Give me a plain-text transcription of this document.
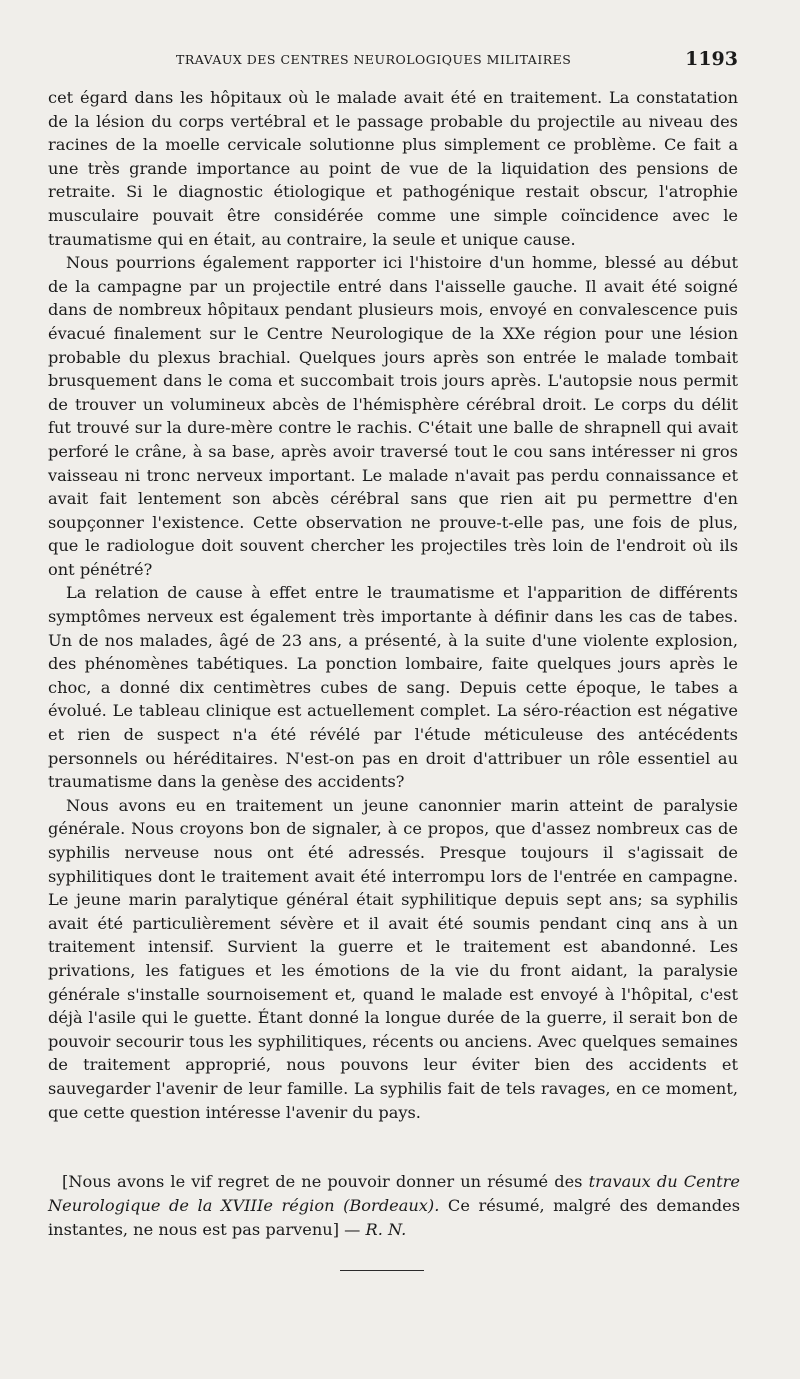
TRAVAUX DES CENTRES NEUROLOGIQUES MILITAIRES	1193

cet égard dans les hôpitaux où le malade avait été en traitement. La constatation de la lésion du corps vertébral et le passage probable du projectile au niveau des racines de la moelle cervicale solutionne plus simplement ce problème. Ce fait a une très grande importance au point de vue de la liquidation des pensions de retraite. Si le diagnostic étiologique et pathogénique restait obscur, l'atrophie musculaire pouvait être considérée comme une simple coïncidence avec le traumatisme qui en était, au contraire, la seule et unique cause.

Nous pourrions également rapporter ici l'histoire d'un homme, blessé au début de la campagne par un projectile entré dans l'aisselle gauche. Il avait été soigné dans de nombreux hôpitaux pendant plusieurs mois, envoyé en convalescence puis évacué finalement sur le Centre Neurologique de la XXe région pour une lésion probable du plexus brachial. Quelques jours après son entrée le malade tombait brusquement dans le coma et succombait trois jours après. L'autopsie nous permit de trouver un volumineux abcès de l'hémisphère cérébral droit. Le corps du délit fut trouvé sur la dure-mère contre le rachis. C'était une balle de shrapnell qui avait perforé le crâne, à sa base, après avoir traversé tout le cou sans intéresser ni gros vaisseau ni tronc nerveux important. Le malade n'avait pas perdu connaissance et avait fait lentement son abcès cérébral sans que rien ait pu permettre d'en soupçonner l'existence. Cette observation ne prouve-t-elle pas, une fois de plus, que le radiologue doit souvent chercher les projectiles très loin de l'endroit où ils ont pénétré?

La relation de cause à effet entre le traumatisme et l'apparition de différents symptômes nerveux est également très importante à définir dans les cas de tabes. Un de nos malades, âgé de 23 ans, a présenté, à la suite d'une violente explosion, des phénomènes tabétiques. La ponction lombaire, faite quelques jours après le choc, a donné dix centimètres cubes de sang. Depuis cette époque, le tabes a évolué. Le tableau clinique est actuellement complet. La séro-réaction est négative et rien de suspect n'a été révélé par l'étude méticuleuse des antécédents personnels ou héréditaires. N'est-on pas en droit d'attribuer un rôle essentiel au traumatisme dans la genèse des accidents?

Nous avons eu en traitement un jeune canonnier marin atteint de paralysie générale. Nous croyons bon de signaler, à ce propos, que d'assez nombreux cas de syphilis nerveuse nous ont été adressés. Presque toujours il s'agissait de syphilitiques dont le traitement avait été interrompu lors de l'entrée en campagne. Le jeune marin paralytique général était syphilitique depuis sept ans; sa syphilis avait été particulièrement sévère et il avait été soumis pendant cinq ans à un traitement intensif. Survient la guerre et le traitement est abandonné. Les privations, les fatigues et les émotions de la vie du front aidant, la paralysie générale s'installe sournoisement et, quand le malade est envoyé à l'hôpital, c'est déjà l'asile qui le guette. Étant donné la longue durée de la guerre, il serait bon de pouvoir secourir tous les syphilitiques, récents ou anciens. Avec quelques semaines de traitement approprié, nous pouvons leur éviter bien des accidents et sauvegarder l'avenir de leur famille. La syphilis fait de tels ravages, en ce moment, que cette question intéresse l'avenir du pays.

[Nous avons le vif regret de ne pouvoir donner un résumé des travaux du Centre Neurologique de la XVIIIe région (Bordeaux). Ce résumé, malgré des demandes instantes, ne nous est pas parvenu] — R. N.
